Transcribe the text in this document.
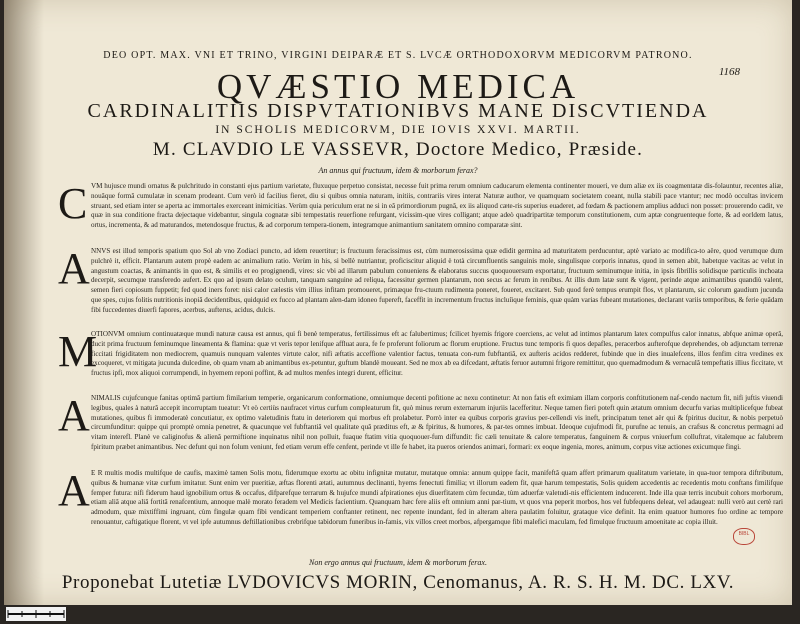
DEO OPT. MAX. VNI ET TRINO, VIRGINI DEIPARÆ ET S. LVCÆ ORTHODOXORVM MEDICORVM PATRONO.
1168
QVÆSTIO MEDICA
CARDINALITIIS DISPVTATIONIBVS MANE DISCVTIENDA
IN SCHOLIS MEDICORVM, DIE IOVIS XXVI. MARTII.
M. CLAVDIO LE VASSEVR, Doctore Medico, Præside.
An annus qui fructuum, idem & morborum ferax?
C VM hujusce mundi ornatus & pulchritudo in constanti ejus partium varietate, fluxuque perpetuo consistat, necesse fuit prima rerum omnium caducarum elementa continenter moueri, ve dum aliæ ex iis coagmentatæ dis-folauntur, recentes aliæ, nouâque formâ cumulatæ in scenam prodeant. Cum verò id facilius fieret, diu si quibus omnia naturam, initiis, contrariis vires interat Naturæ author, ve quamquam societatem coeant, nulla stabili pace vtantur; nec modò occultas invicem struant, sed etiam inter se aperta ac immortales exerceant inimicitias. Verùm quia periculum erat ne si in eâ primordiorum pugnâ, ex iis aliquod cæte-ris superius euaderet, ad fœdam & pactionem amplius adduci non posset: prouerendo cadit, ve quæ in sua conditione fracta dejectaque videbantur, singula cognatæ sibi tempestatis reuerfione refurgant, vicissim-que vires colligant; atque adeò quadripartitæ temporum constitutionem, cum aptæ congruenteque forte, & ad eorldem latus, ortus, incrementa, & ad maturandos, metendosque fructus, & ad corporum tempera-tionem, integramque animantium sanitatem omnino comparatæ sint.

A NNVS est illud temporis spatium quo Sol ab vno Zodiaci puncto, ad idem reuertitur; is fructuum feracissimus est, cùm numerosissima quæ edidit germina ad maturitatem perducuntur, aptè variato ac modifica-to aëre, quod verumque dum pulchrè it, efficit. Plantarum autem propè eadem ac animalium ratio. Verùm in his, si bellè nutriantur, proficiscitur aliquid è totà circumfluentis sanguinis mole, singulisque corporis innatus, quod in semen abit, habetque vacitas ac velut in angustum coactas, & animantis in quo est, & similis et eo progignendi, vires: sic vbi ad illarum pabulum conueniens & elaboratus succus quoquouersum exportatur, fructuum seminumque initia, in ipsis fibrillis solidisque particulis inchoata decerpit, secumque transferedo aufert. Ex quo ad ipsum delato oculum, tanquam sanguine ad reliqua, facessitur germen plantarum, non secus ac ferum in renibus. At illis dum latæ sunt & vigent, perinde atque animantibus quandiù valent, semen fieri copiosum fuppetit; fed quod iners foret: nisi calor cælestis vim illius infitam promoueret, primæque fru-ctuum rudimenta poneret, foueret, excitaret. Sub quod ferè tempus erumpit flos, vt plantarum, sic colorum gaudium jucunda que spes, cujus folitis nutritionis inopiâ decidentibus, quidquid ex fucco ad plantam alen-dam idoneo fupereft, faceffit in incrementum fructus incluíìque feminis, quæ quàm varias fubeant mutationes, declarant variis temporibus, & ferie quâdam fibi fuccedentes diuerfi fapores, acerbus, aufterus, acidus, dulcis.

M

OTIONVM omnium continuatæque mundi naturæ causa est annus, qui fi benè temperatus, fertilissimus eft ac falubertimus; fcilicet hyemis frigore coerciens, ac velut ad intimos plantarum latex compulfus calor innatus, abfque animæ operâ, ducit prima fructuum feminumque lineamenta & flamina: quæ vt veris tepor lenifque affluat aura, fe fe proferunt foliorum ac florum eruptione. Fructus tunc temporis fi quos depafles, peracerbos aufterofque deprehendes, ob adjunctam terrenæ ficcitati frigiditatem non mediocrem, quamuis nunquam valentes virtute calor, nifi æftatis acceffione valentior factus, tenuata con-rum fubftantiâ, ex aufteris acidos redderet, fubinde que in dies inualefcens, illos fenfim citra vredines ex excoqueret, vt mitigata jucunda dulcedine, ob quam vnam ab animantibus ex-petuntur, guftum blandè moueant. Sed ne mox ab ea difcedant, æftatis feruor autumni frigore remittitur, quo quemadmodum & vernaculâ tempeftatis illius ficcitate, vt fructus ipfi, mox aliquoi corrumpendi, in hyemem reponi poffint, & ad multos menfes integri durent, efficitur.

A NIMALIS cujufcunque fanitas optimâ partium fimilarium temperie, organicarum conformatione, omniumque decenti pofitione ac nexu continetur: At non fatis eft eximiam illam corporis conftitutionem naf-cendo nactum fit, nifi juftis viuendi legibus, quales à naturâ accepit incorruptam tueatur: Vt eò certiùs naufracet virtus curfum compleaturum fit, quò minus rerum externarum injuriis lacefferitur. Neque tamen fieri poteft quin ætatum omnium decurfu varias multiplicefque fubeat mutationes, quibus fi immoderatè concutiatur, ex optimo valetudinis ftatu in deteriorem qui morbus eft prolabetur. Porrò inter ea quibus corporis gravius per-cellendi vis ineft, principatum tenet aër qui & fpiritus ducitur, & nobis perpetuò circumfunditur: quippe qui promptè omnia penetret, & quacunque vel fubftantiâ vel qualitate quâ præditus eft, æ & fpiritus, & humores, & par-tes omnes imbuat. Ideoque cujufmodi fit, purufne ac tenuis, an crafsus & concretus permagni ad vitam interefl. Planè ve caliginofus & alienâ permiftione inquinatus nihil non polluit, fuaque ftatim vitia quoquouer-fum diffundit: fic cæli tenuitate & calore temperatus, fanguinem & corpus vniuerfum colluftrat, vitalemque ac falubrem fpiritum præbet animantibus. Nec defunt qui non folum veniunt, fed etiam verum effe cenfent, perinde vt ille fe habet, ita pueros oriendos animari, formari: ex eoque ingenia, mores, animum, corpus vitæ actiones exicumque fingi.

A E R multis modis multifque de caufis, maximè tamen Solis motu, fiderumque exortu ac obitu infignitæ mutatur, mutatque omnia: annum quippe facit, manifeftâ quam affert primarum qualitatum varietate, in qua-tuor tempora diftributum, quibus & humanæ vitæ curfum imitatur. Sunt enim ver pueritiæ, æftas florenti ætati, autumnus declinanti, hyems fenectuti fimilia; vt illorum eadem fit, quæ harum tempestatis, Solis quidem accedentis ac recedentis motu conftans fimilifque femper futura: nifi fiderum haud ignobilium ortus & occafus, difparefque terrarum & hujufce mundi afpirationes ejus diuerfitatem cùm fecundæ, tùm aduerfæ valetudi-nis efficientem inducerent. Inde illa quæ terris incubuit cohors morborum, etiam aliâ atque aliâ fortitâ renafcentium, annoque malè morato feradem vel Medicis facientium. Quanquam hæc fere aliis eft omnium anni par-tium, vt quos vna peperit morbos, hos vel fubfequens deleat, vel adaugeat: nulli verò aut certè rari admodum, quæ mixtiffimi ingruant, cùm fingulæ quam fibi vendicant temperiem conftanter retinent, nec repente inundant, fed in alteram altera paulatim foluitur, grataque vice definit. Ita enim quatuor humores fuo ordine ac tempore renouantur, caftigatique florent, vt vel ipfe autumnus deftillationibus crebrifque tabidorum funeribus in-famis, vix villos creet morbos, afpergamque fibi malefici maculam, fed fimulque fructuum amoenitate ac copia illuit.

BIBL
Non ergo annus qui fructuum, idem & morborum ferax.
Proponebat Lutetiæ LVDOVICVS MORIN, Cenomanus, A. R. S. H. M. DC. LXV.
